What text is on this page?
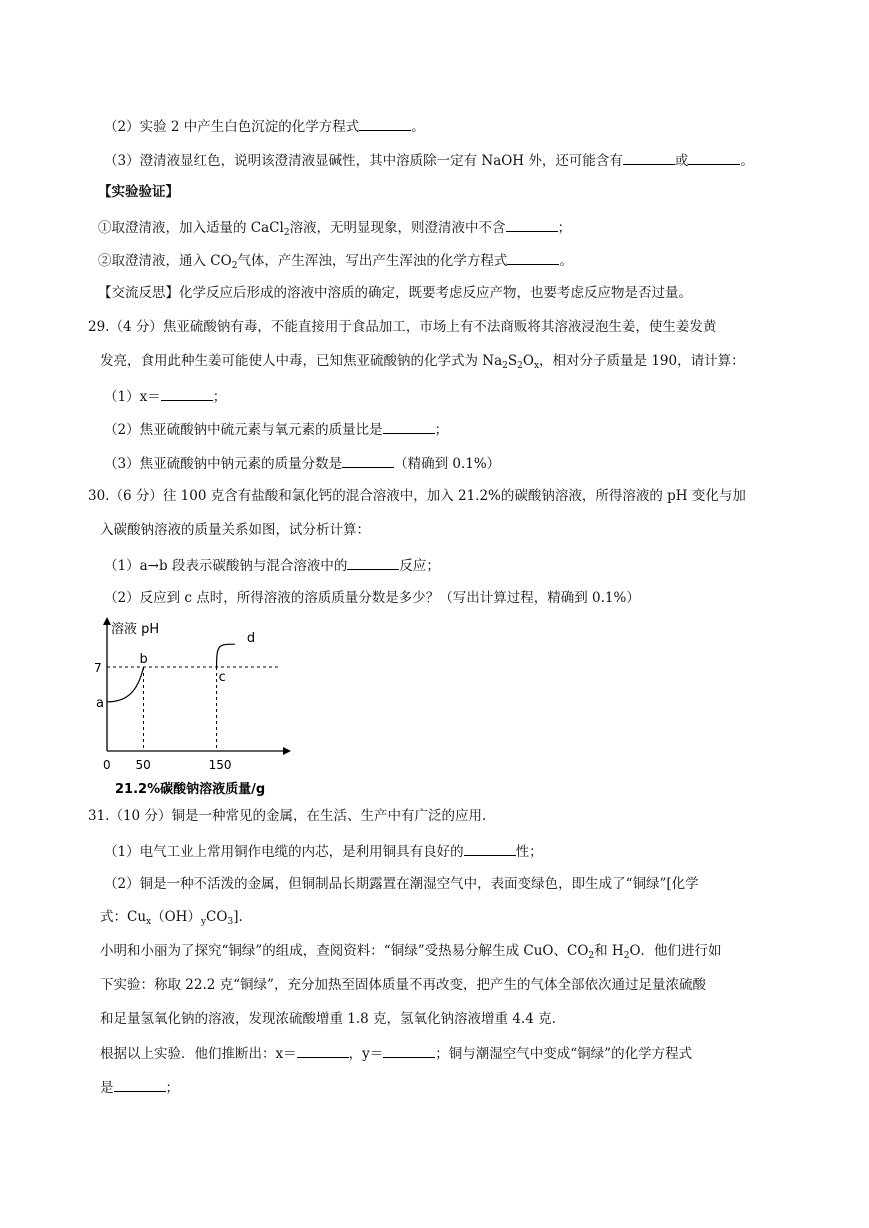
（2）实验 2 中产生白色沉淀的化学方程式	。
（3）澄清液显红色，说明该澄清液显碱性，其中溶质除一定有 NaOH 外，还可能含有	或	。
【实验验证】
①取澄清液，加入适量的 CaCl$_2$溶液，无明显现象，则澄清液中不含	；
②取澄清液，通入 $CO_2$气体，产生浑浊，写出产生浑浊的化学方程式	。
【交流反思】化学反应后形成的溶液中溶质的确定，既要考虑反应产物，也要考虑反应物是否过量。
29.（4 分）焦亚硫酸钠有毒，不能直接用于食品加工，市场上有不法商贩将其溶液浸泡生姜，使生姜发黄
发亮，食用此种生姜可能使人中毒，已知焦亚硫酸钠的化学式为 $Na_2S_2O_x$，相对分子质量是 190，请计算：
（1）x＝	；
（2）焦亚硫酸钠中硫元素与氧元素的质量比是	；
（3）焦亚硫酸钠中钠元素的质量分数是	（精确到 0.1%）
30.（6 分）往 100 克含有盐酸和氯化钙的混合溶液中，加入 21.2%的碳酸钠溶液，所得溶液的 pH 变化与加
入碳酸钠溶液的质量关系如图，试分析计算：
（1）a→b 段表示碳酸钠与混合溶液中的	反应；
（2）反应到 c 点时，所得溶液的溶质质量分数是多少？（写出计算过程，精确到 0.1%）
a
b
c
d
7
0 50	150
溶液 pH
21.2%碳酸钠溶液质量/g
31.（10 分）铜是一种常见的金属，在生活、生产中有广泛的应用.
（1）电气工业上常用铜作电缆的内芯，是利用铜具有良好的	性；
（2）铜是一种不活泼的金属，但铜制品长期露置在潮湿空气中，表面变绿色，即生成了“铜绿”[化学
式：$Cu_x(OH)_yCO_3$].
小明和小丽为了探究“铜绿”的组成，查阅资料：“铜绿”受热易分解生成 CuO、$CO_2$和 $H_2O$．他们进行如
下实验：称取 22.2 克“铜绿”，充分加热至固体质量不再改变，把产生的气体全部依次通过足量浓硫酸
和足量氢氧化钠的溶液，发现浓硫酸增重 1.8 克，氢氧化钠溶液增重 4.4 克.
根据以上实验．他们推断出：x＝	，y＝	；铜与潮湿空气中变成“铜绿”的化学方程式
是	；
